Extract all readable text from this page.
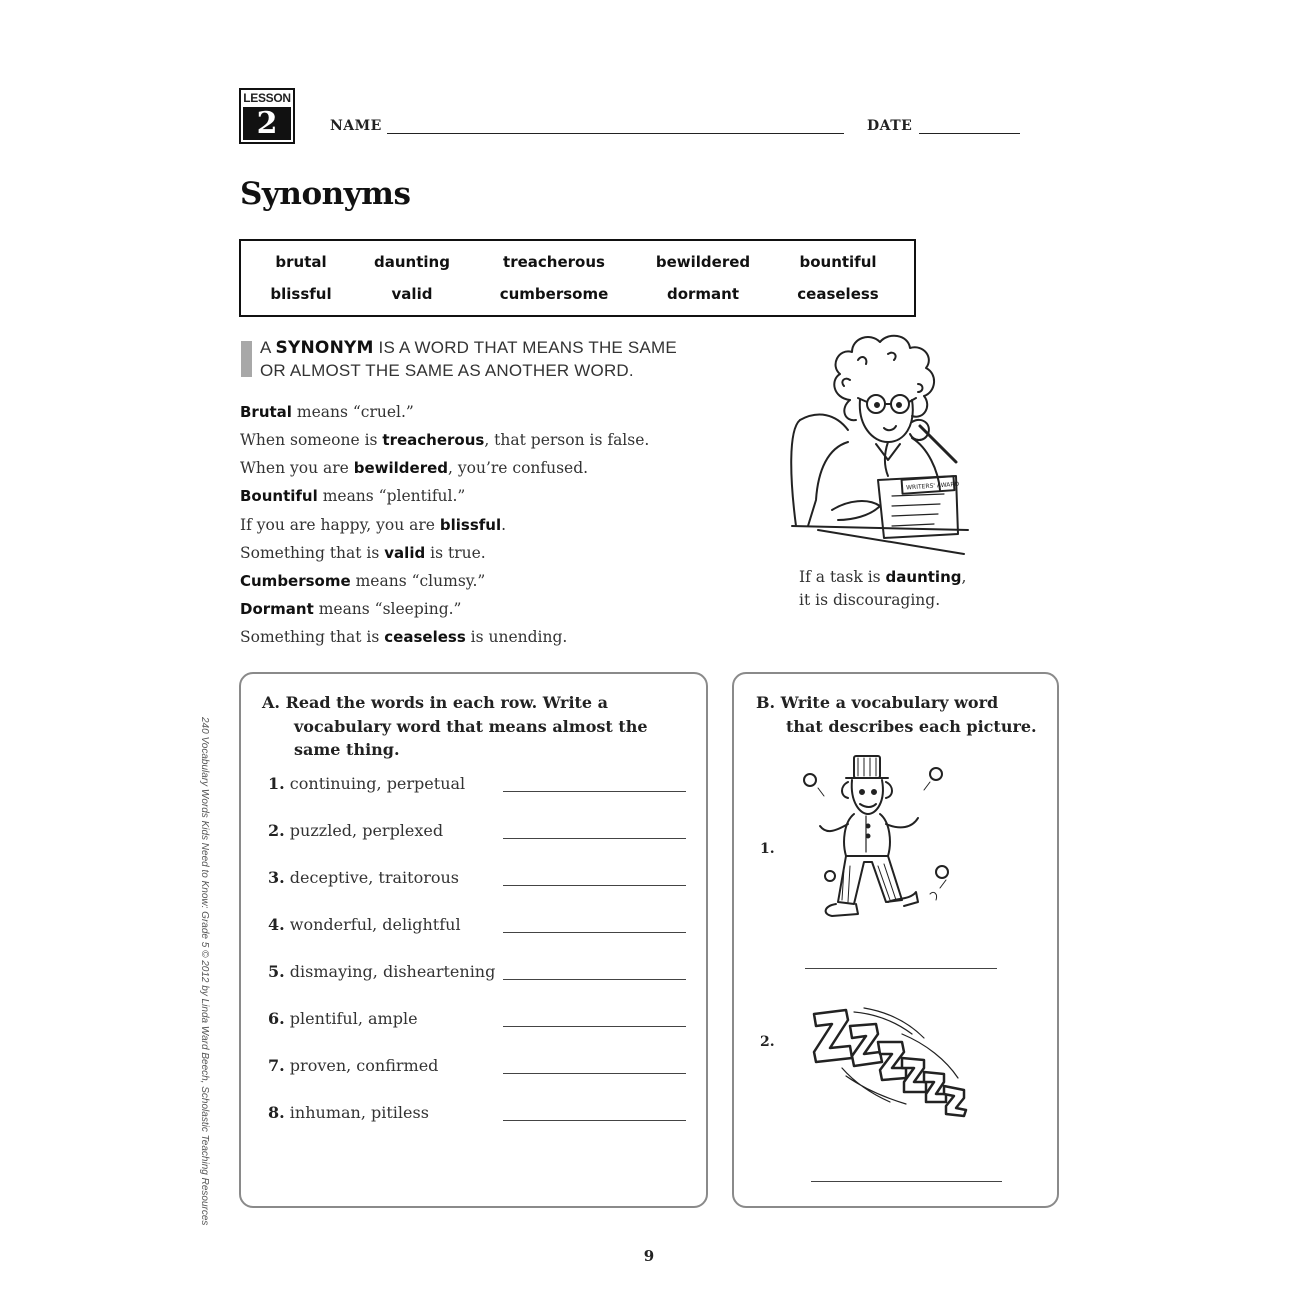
LESSON
2	NAME	DATE
Synonyms
brutal	daunting	treacherous	bewildered	bountiful
blissful	valid	cumbersome	dormant	ceaseless
A SYNONYM IS A WORD THAT MEANS THE SAME
OR ALMOST THE SAME AS ANOTHER WORD.
Brutal means “cruel.”
When someone is treacherous, that person is false.
When you are bewildered, you’re confused.
Bountiful means “plentiful.”
If you are happy, you are blissful.
Something that is valid is true.
Cumbersome means “clumsy.”
Dormant means “sleeping.”
Something that is ceaseless is unending.
WRITERS' AWARD
If a task is daunting,
it is discouraging.
A. Read the words in each row. Write a
vocabulary word that means almost the
same thing.
1. continuing, perpetual
2. puzzled, perplexed
3. deceptive, traitorous
4. wonderful, delightful
5. dismaying, disheartening
6. plentiful, ample
7. proven, confirmed
8. inhuman, pitiless
B. Write a vocabulary word
that describes each picture.
1.
2.
240 Vocabulary Words Kids Need to Know: Grade 5 © 2012 by Linda Ward Beech, Scholastic Teaching Resources
9
